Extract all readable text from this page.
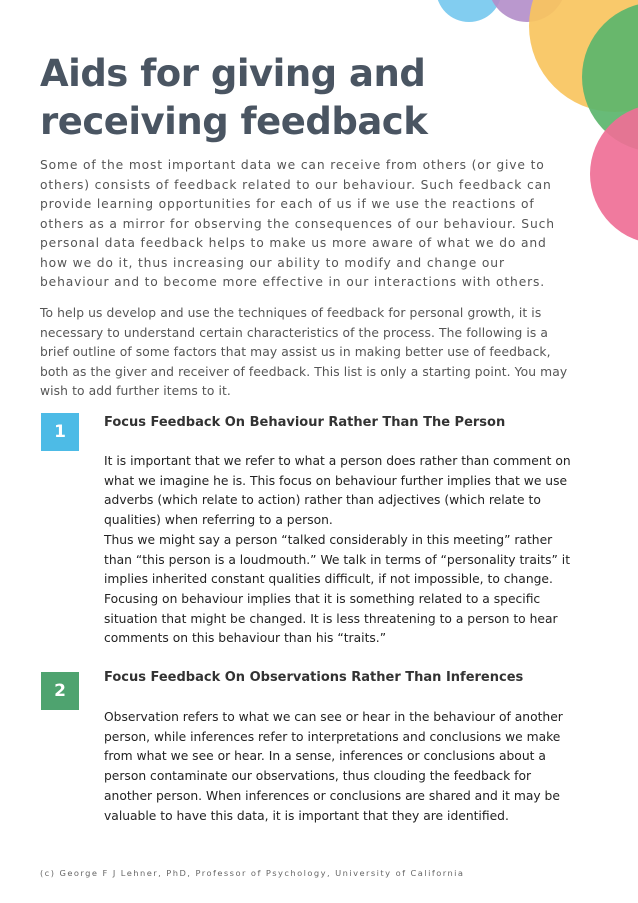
Aids for giving and receiving feedback

Some of the most important data we can receive from others (or give to others) consists of feedback related to our behaviour. Such feedback can provide learning opportunities for each of us if we use the reactions of others as a mirror for observing the consequences of our behaviour. Such personal data feedback helps to make us more aware of what we do and how we do it, thus increasing our ability to modify and change our behaviour and to become more effective in our interactions with others.

To help us develop and use the techniques of feedback for personal growth, it is necessary to understand certain characteristics of the process. The following is a brief outline of some factors that may assist us in making better use of feedback, both as the giver and receiver of feedback. This list is only a starting point. You may wish to add further items to it.

1	Focus Feedback On Behaviour Rather Than The Person

It is important that we refer to what a person does rather than comment on what we imagine he is. This focus on behaviour further implies that we use adverbs (which relate to action) rather than adjectives (which relate to qualities) when referring to a person.

Thus we might say a person “talked considerably in this meeting” rather than “this person is a loudmouth.” We talk in terms of “personality traits” it implies inherited constant qualities difficult, if not impossible, to change. Focusing on behaviour implies that it is something related to a specific situation that might be changed. It is less threatening to a person to hear comments on this behaviour than his “traits.”

2
Focus Feedback On Observations Rather Than Inferences

Observation refers to what we can see or hear in the behaviour of another person, while inferences refer to interpretations and conclusions we make from what we see or hear. In a sense, inferences or conclusions about a person contaminate our observations, thus clouding the feedback for another person. When inferences or conclusions are shared and it may be valuable to have this data, it is important that they are identified.

(c) George F J Lehner, PhD, Professor of Psychology, University of California
